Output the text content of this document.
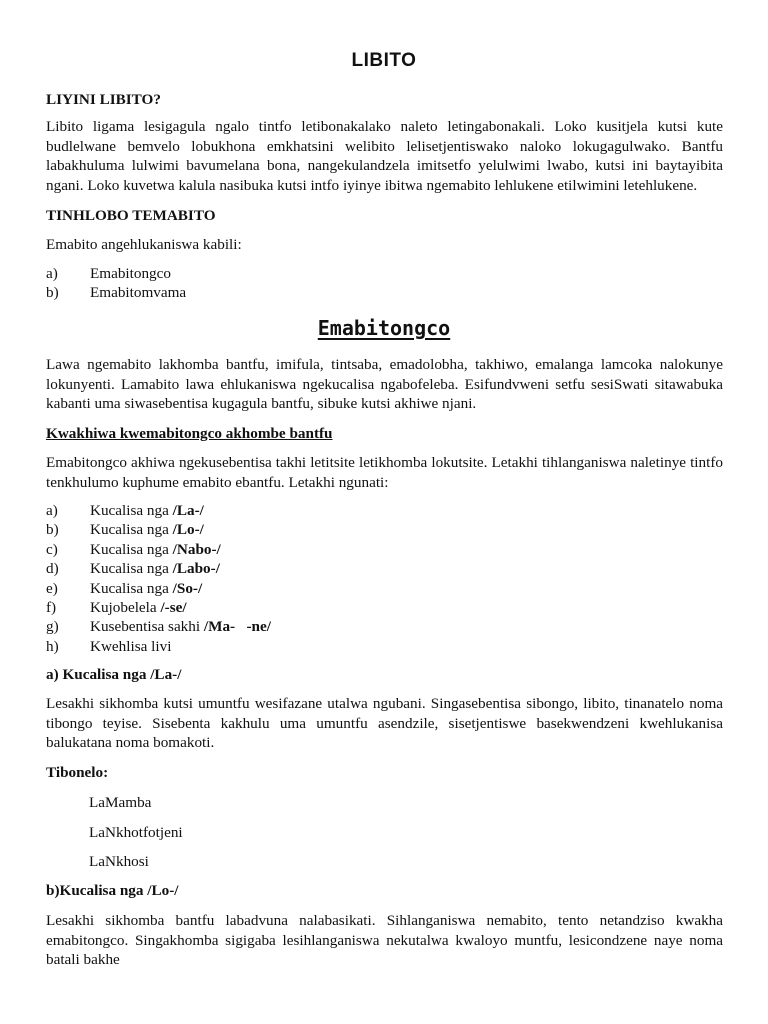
LIBITO
LIYINI LIBITO?
Libito ligama lesigagula ngalo tintfo letibonakalako naleto letingabonakali. Loko kusitjela kutsi kute budlelwane bemvelo lobukhona emkhatsini welibito lelisetjentiswako naloko lokugagulwako. Bantfu labakhuluma lulwimi bavumelana bona, nangekulandzela imitsetfo yelulwimi lwabo, kutsi ini baytayibita ngani. Loko kuvetwa kalula nasibuka kutsi intfo iyinye ibitwa ngemabito lehlukene etilwimini letehlukene.
TINHLOBO TEMABITO
Emabito angehlukaniswa kabili:
a)	Emabitongco
b)	Emabitomvama
Emabitongco
Lawa ngemabito lakhomba bantfu, imifula, tintsaba, emadolobha, takhiwo, emalanga lamcoka nalokunye lokunyenti. Lamabito lawa ehlukaniswa ngekucalisa ngabofeleba. Esifundvweni setfu sesiSwati sitawabuka kabanti uma siwasebentisa kugagula bantfu, sibuke kutsi akhiwe njani.
Kwakhiwa kwemabitongco akhombe bantfu
Emabitongco akhiwa ngekusebentisa takhi letitsite letikhomba lokutsite. Letakhi tihlanganiswa naletinye tintfo tenkhulumo kuphume emabito ebantfu. Letakhi ngunati:
a)	Kucalisa nga
/La-/
b)	Kucalisa nga
/Lo-/
c)	Kucalisa nga
/Nabo-/
d)	Kucalisa nga
/Labo-/
e)	Kucalisa nga
/So-/
f)	Kujobelela
/-se/
g)	Kusebentisa sakhi
/Ma-   -ne/
h)	Kwehlisa livi
a) Kucalisa nga /La-/
Lesakhi sikhomba kutsi umuntfu wesifazane utalwa ngubani. Singasebentisa sibongo, libito, tinanatelo noma tibongo teyise. Sisebenta kakhulu uma umuntfu asendzile, sisetjentiswe basekwendzeni kwehlukanisa balukatana noma bomakoti.
Tibonelo:
LaMamba
LaNkhotfotjeni
LaNkhosi
b)Kucalisa nga /Lo-/
Lesakhi sikhomba bantfu labadvuna nalabasikati. Sihlanganiswa nemabito, tento netandziso kwakha emabitongco. Singakhomba sigigaba lesihlanganiswa nekutalwa kwaloyo muntfu, lesicondzene naye noma batali bakhe
